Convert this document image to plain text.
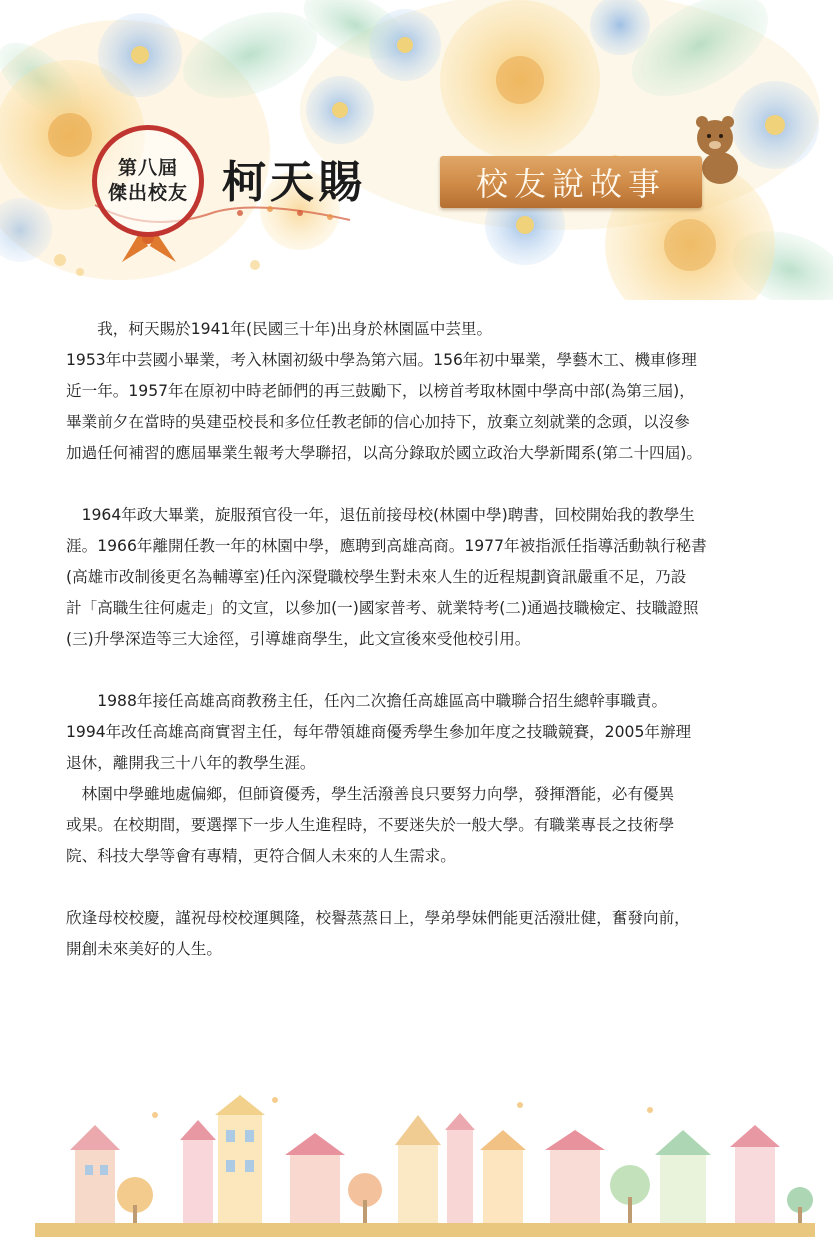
第八屆
傑出校友 柯天賜	校友說故事

　　我，柯天賜於1941年(民國三十年)出身於林園區中芸里。
1953年中芸國小畢業，考入林園初級中學為第六屆。156年初中畢業，學藝木工、機車修理
近一年。1957年在原初中時老師們的再三鼓勵下，以榜首考取林園中學高中部(為第三屆)，
畢業前夕在當時的吳建亞校長和多位任教老師的信心加持下，放棄立刻就業的念頭，以沒參
加過任何補習的應屆畢業生報考大學聯招，以高分錄取於國立政治大學新聞系(第二十四屆)。

　1964年政大畢業，旋服預官役一年，退伍前接母校(林園中學)聘書，回校開始我的教學生
涯。1966年離開任教一年的林園中學，應聘到高雄高商。1977年被指派任指導活動執行秘書
(高雄市改制後更名為輔導室)任內深覺職校學生對未來人生的近程規劃資訊嚴重不足，乃設
計「高職生往何處走」的文宣，以參加(一)國家普考、就業特考(二)通過技職檢定、技職證照
(三)升學深造等三大途徑，引導雄商學生，此文宣後來受他校引用。

　　1988年接任高雄高商教務主任，任內二次擔任高雄區高中職聯合招生總幹事職責。
1994年改任高雄高商實習主任，每年帶領雄商優秀學生參加年度之技職競賽，2005年辦理
退休，離開我三十八年的教學生涯。
　林園中學雖地處偏鄉，但師資優秀，學生活潑善良只要努力向學，發揮潛能，必有優異
或果。在校期間，要選擇下一步人生進程時，不要迷失於一般大學。有職業專長之技術學
院、科技大學等會有專精，更符合個人未來的人生需求。

欣逢母校校慶，謹祝母校校運興隆，校譽蒸蒸日上，學弟學妹們能更活潑壯健，奮發向前，
開創未來美好的人生。
